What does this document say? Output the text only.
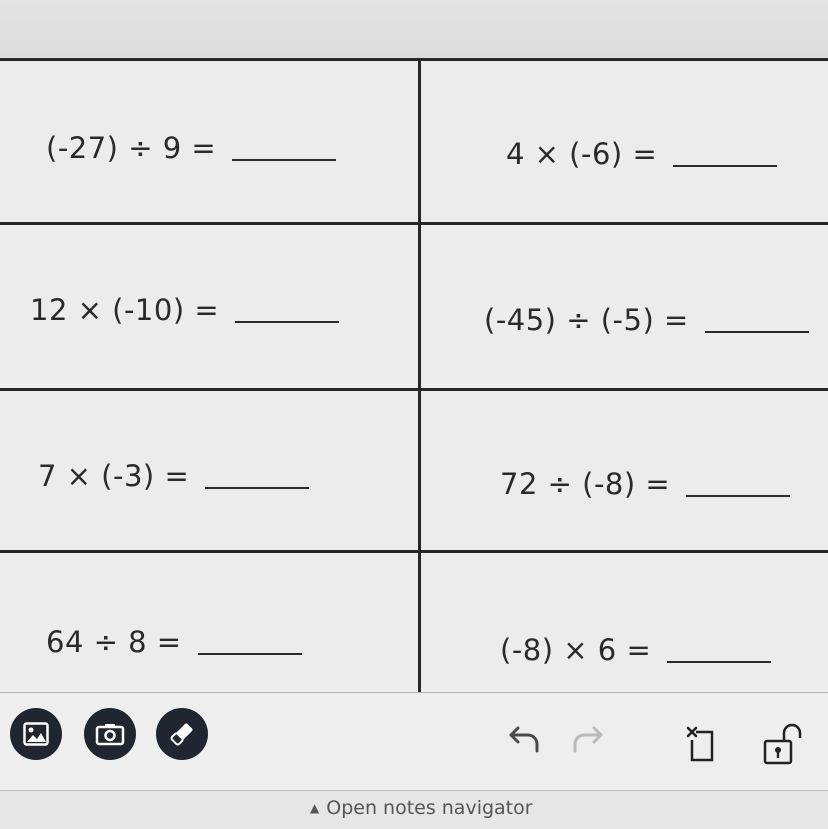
(-27) ÷ 9 =	4 × (-6) =
12 × (-10) =	(-45) ÷ (-5) =
7 × (-3) =	72 ÷ (-8) =
64 ÷ 8 =	(-8) × 6 =
▲ Open notes navigator
